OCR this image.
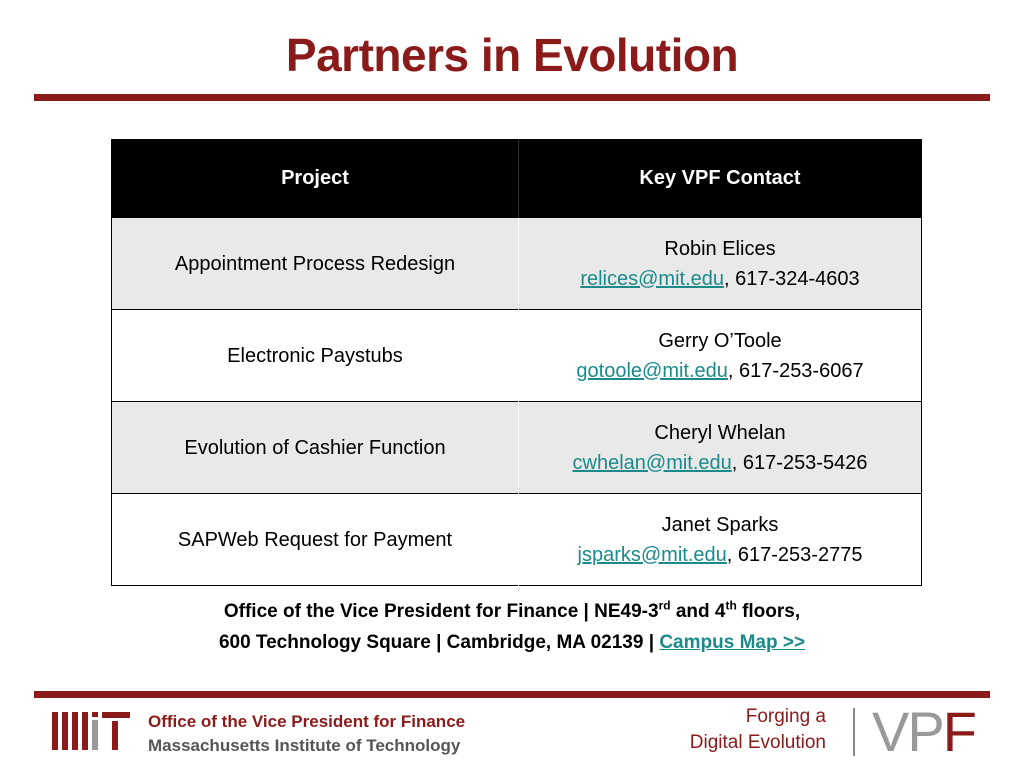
Partners in Evolution
Project	Key VPF Contact
Appointment Process Redesign	Robin Elices
relices@mit.edu, 617-324-4603

Electronic Paystubs	Gerry O’Toole
gotoole@mit.edu, 617-253-6067

Evolution of Cashier Function	Cheryl Whelan
cwhelan@mit.edu, 617-253-5426

SAPWeb Request for Payment	Janet Sparks
jsparks@mit.edu, 617-253-2775
Office of the Vice President for Finance | NE49-3rd and 4th floors,
600 Technology Square | Cambridge, MA 02139 | Campus Map >>
Office of the Vice President for Finance
Massachusetts Institute of Technology
Forging a
Digital Evolution VPF
